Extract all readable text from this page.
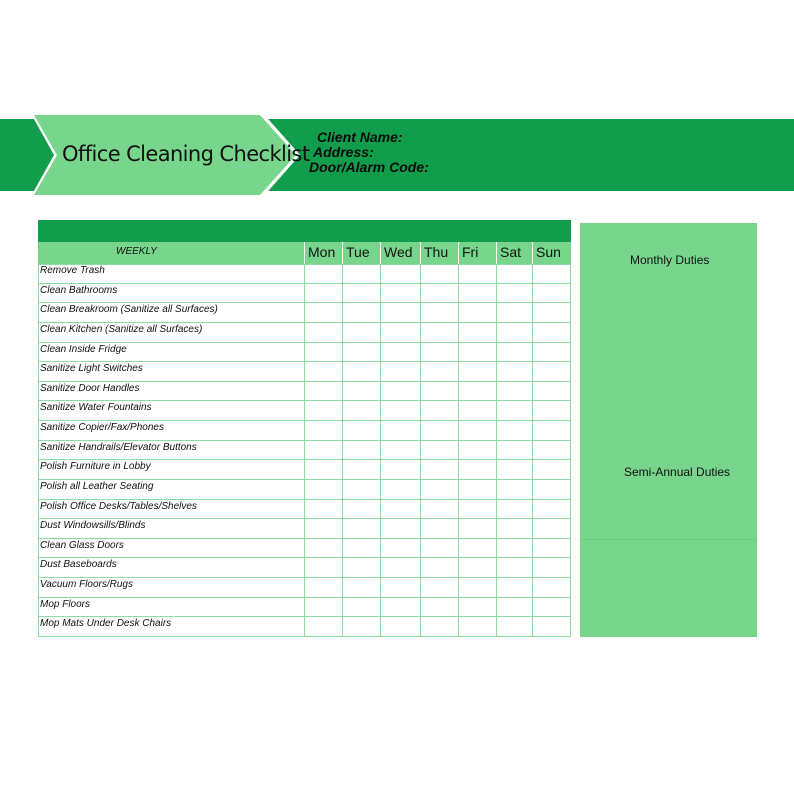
Office Cleaning Checklist
Client Name:
Address:
Door/Alarm Code:
WEEKLY	Mon Tue Wed Thu Fri Sat Sun
Remove Trash
Clean Bathrooms
Clean Breakroom (Sanitize all Surfaces)
Clean Kitchen (Sanitize all Surfaces)
Clean Inside Fridge
Sanitize Light Switches
Sanitize Door Handles
Sanitize Water Fountains
Sanitize Copier/Fax/Phones
Sanitize Handrails/Elevator Buttons
Polish Furniture in Lobby
Polish all Leather Seating
Polish Office Desks/Tables/Shelves
Dust Windowsills/Blinds
Clean Glass Doors
Dust Baseboards
Vacuum Floors/Rugs
Mop Floors
Mop Mats Under Desk Chairs
Monthly Duties
Semi-Annual Duties
